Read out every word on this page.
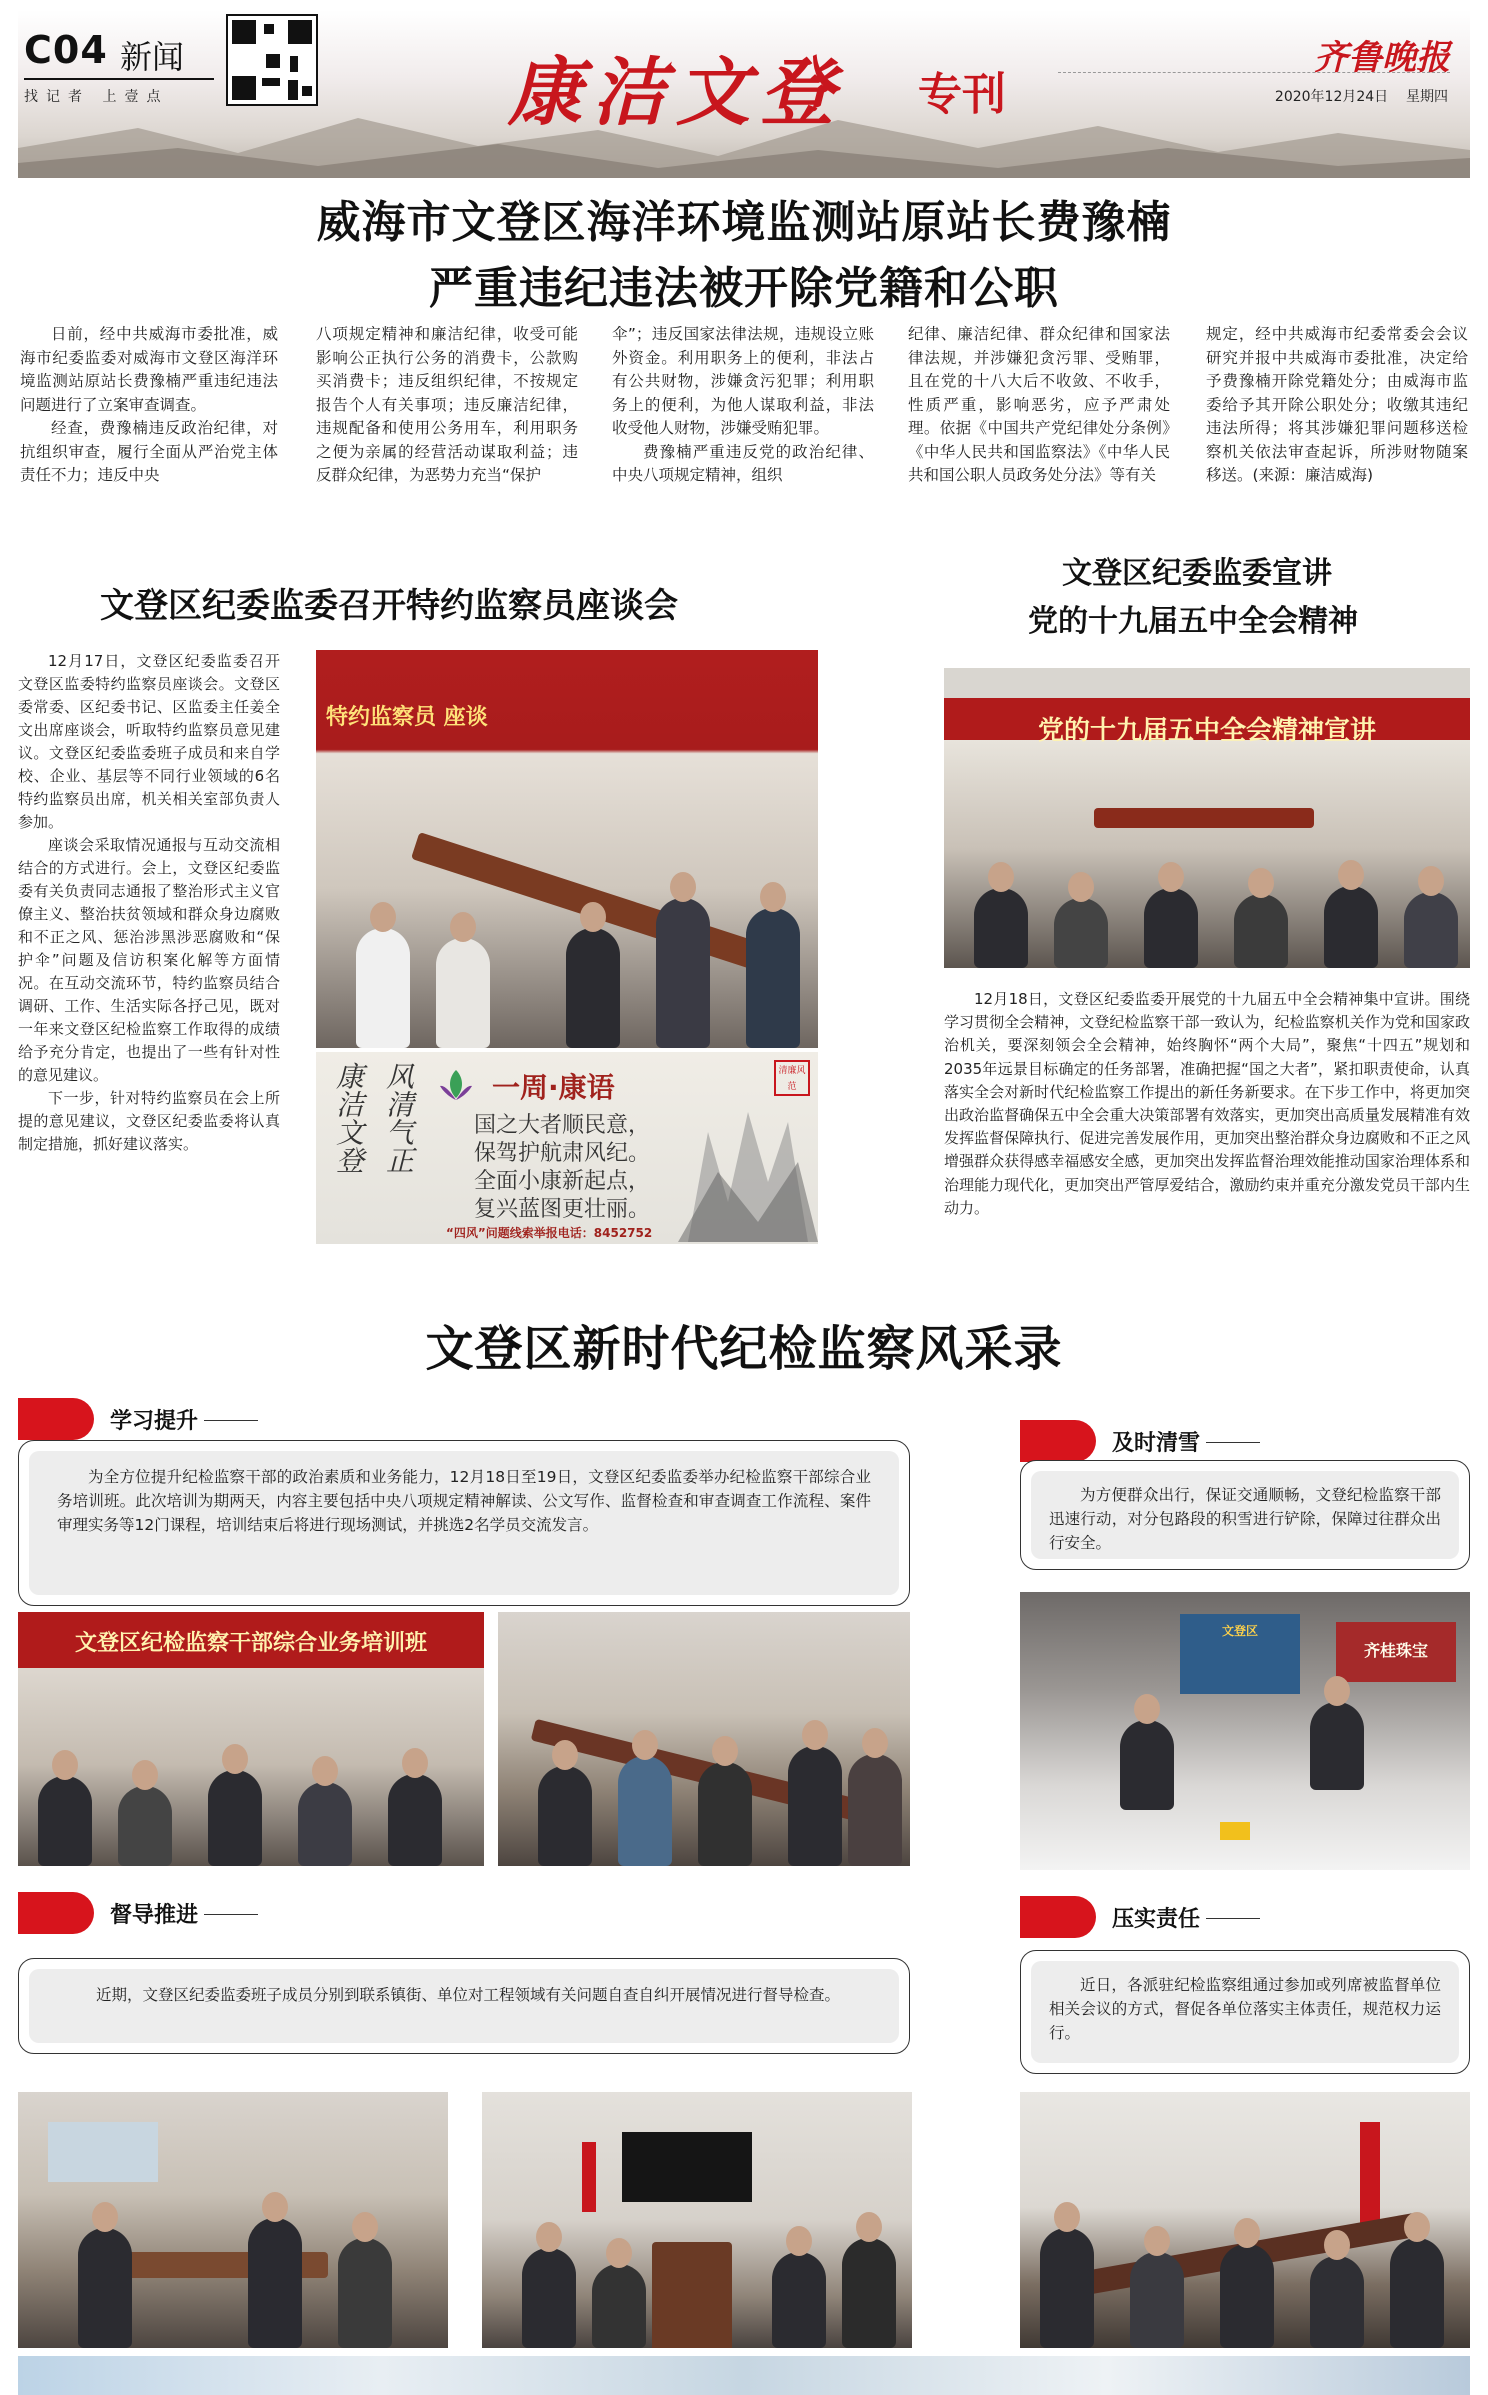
C04 新闻
找记者 上壹点	康洁文登 专刊
齐鲁晚报
2020年12月24日 星期四
威海市文登区海洋环境监测站原站长费豫楠
严重违纪违法被开除党籍和公职

日前，经中共威海市委批准，威海市纪委监委对威海市文登区海洋环境监测站原站长费豫楠严重违纪违法问题进行了立案审查调查。

经查，费豫楠违反政治纪律，对抗组织审查，履行全面从严治党主体责任不力；违反中央

八项规定精神和廉洁纪律，收受可能影响公正执行公务的消费卡，公款购买消费卡；违反组织纪律，不按规定报告个人有关事项；违反廉洁纪律，违规配备和使用公务用车，利用职务之便为亲属的经营活动谋取利益；违反群众纪律，为恶势力充当“保护

伞”；违反国家法律法规，违规设立账外资金。利用职务上的便利，非法占有公共财物，涉嫌贪污犯罪；利用职务上的便利，为他人谋取利益，非法收受他人财物，涉嫌受贿犯罪。

费豫楠严重违反党的政治纪律、中央八项规定精神，组织

纪律、廉洁纪律、群众纪律和国家法律法规，并涉嫌犯贪污罪、受贿罪，且在党的十八大后不收敛、不收手，性质严重，影响恶劣，应予严肃处理。依据《中国共产党纪律处分条例》《中华人民共和国监察法》《中华人民共和国公职人员政务处分法》等有关

规定，经中共威海市纪委常委会会议研究并报中共威海市委批准，决定给予费豫楠开除党籍处分；由威海市监委给予其开除公职处分；收缴其违纪违法所得；将其涉嫌犯罪问题移送检察机关依法审查起诉，所涉财物随案移送。(来源：廉洁威海)

文登区纪委监委召开特约监察员座谈会

12月17日，文登区纪委监委召开文登区监委特约监察员座谈会。文登区委常委、区纪委书记、区监委主任姜全文出席座谈会，听取特约监察员意见建议。文登区纪委监委班子成员和来自学校、企业、基层等不同行业领域的6名特约监察员出席，机关相关室部负责人参加。

座谈会采取情况通报与互动交流相结合的方式进行。会上，文登区纪委监委有关负责同志通报了整治形式主义官僚主义、整治扶贫领域和群众身边腐败和不正之风、惩治涉黑涉恶腐败和“保护伞”问题及信访积案化解等方面情况。在互动交流环节，特约监察员结合调研、工作、生活实际各抒己见，既对一年来文登区纪检监察工作取得的成绩给予充分肯定，也提出了一些有针对性的意见建议。

下一步，针对特约监察员在会上所提的意见建议，文登区纪委监委将认真制定措施，抓好建议落实。

特约监察员 座谈
康洁文登 风清气正	一周·康语
国之大者顺民意，
保驾护航肃风纪。
全面小康新起点，
复兴蓝图更壮丽。
清廉风范
“四风”问题线索举报电话：8452752
文登区纪委监委宣讲
党的十九届五中全会精神
党的十九届五中全会精神宣讲

12月18日，文登区纪委监委开展党的十九届五中全会精神集中宣讲。围绕学习贯彻全会精神，文登纪检监察干部一致认为，纪检监察机关作为党和国家政治机关，要深刻领会全会精神，始终胸怀“两个大局”，聚焦“十四五”规划和2035年远景目标确定的任务部署，准确把握“国之大者”，紧扣职责使命，认真落实全会对新时代纪检监察工作提出的新任务新要求。在下步工作中，将更加突出政治监督确保五中全会重大决策部署有效落实，更加突出高质量发展精准有效发挥监督保障执行、促进完善发展作用，更加突出整治群众身边腐败和不正之风增强群众获得感幸福感安全感，更加突出发挥监督治理效能推动国家治理体系和治理能力现代化，更加突出严管厚爱结合，激励约束并重充分激发党员干部内生动力。

文登区新时代纪检监察风采录
学习提升
为全方位提升纪检监察干部的政治素质和业务能力，12月18日至19日，文登区纪委监委举办纪检监察干部综合业务培训班。此次培训为期两天，内容主要包括中央八项规定精神解读、公文写作、监督检查和审查调查工作流程、案件审理实务等12门课程，培训结束后将进行现场测试，并挑选2名学员交流发言。
文登区纪检监察干部综合业务培训班
及时清雪
为方便群众出行，保证交通顺畅，文登纪检监察干部迅速行动，对分包路段的积雪进行铲除，保障过往群众出行安全。
文登区
齐桂珠宝
督导推进
近期，文登区纪委监委班子成员分别到联系镇街、单位对工程领域有关问题自查自纠开展情况进行督导检查。
压实责任
近日，各派驻纪检监察组通过参加或列席被监督单位相关会议的方式，督促各单位落实主体责任，规范权力运行。
